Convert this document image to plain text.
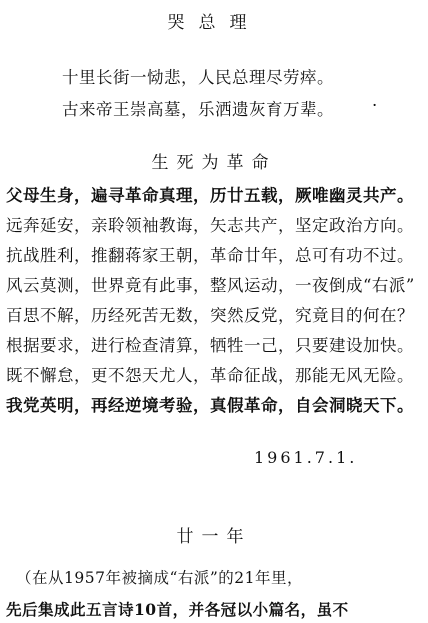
哭总理
十里长街一恸悲，人民总理尽劳瘁。
古来帝王崇高墓，乐洒遗灰育万辈。 ·
生死为革命
父母生身，遍寻革命真理，历廿五载，厥唯幽灵共产。
远奔延安，亲聆领袖教诲，矢志共产，坚定政治方向。
抗战胜利，推翻蒋家王朝，革命廿年，总可有功不过。
风云莫测，世界竟有此事，整风运动，一夜倒成“右派”
百思不解，历经死苦无数，突然反党，究竟目的何在？
根据要求，进行检查清算，牺牲一己，只要建设加快。
既不懈怠，更不怨天尤人，革命征战，那能无风无险。
我党英明，再经逆境考验，真假革命，自会洞晓天下。
1961.7.1.
廿一年
（在从1957年被摘成“右派”的21年里，
先后集成此五言诗10首，并各冠以小篇名，虽不
